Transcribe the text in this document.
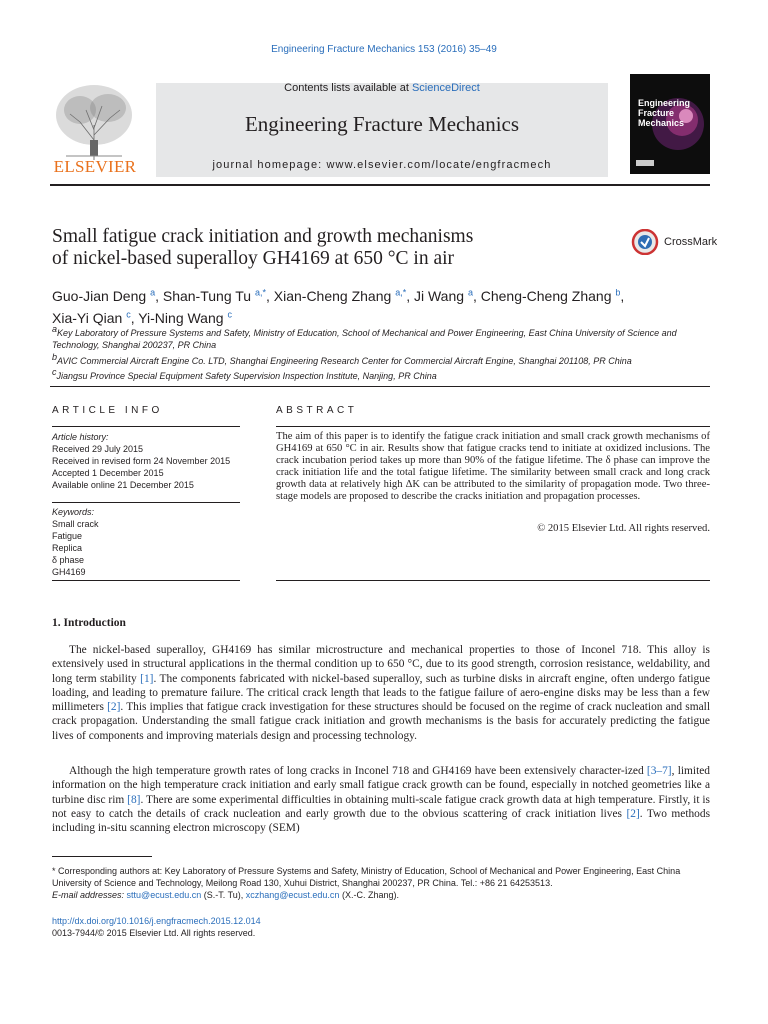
Engineering Fracture Mechanics 153 (2016) 35–49
ELSEVIER
Contents lists available at ScienceDirect
Engineering Fracture Mechanics
journal homepage: www.elsevier.com/locate/engfracmech
Engineering Fracture Mechanics
Small fatigue crack initiation and growth mechanisms
of nickel-based superalloy GH4169 at 650 °C in air
CrossMark
Guo-Jian Deng $^a$, Shan-Tung Tu $^{a,*}$, Xian-Cheng Zhang $^{a,*}$, Ji Wang $^a$, Cheng-Cheng Zhang $^b$,
Xia-Yi Qian $^c$, Yi-Ning Wang $^c$

$^a$Key Laboratory of Pressure Systems and Safety, Ministry of Education, School of Mechanical and Power Engineering, East China University of Science and Technology, Shanghai 200237, PR China

$^b$AVIC Commercial Aircraft Engine Co. LTD, Shanghai Engineering Research Center for Commercial Aircraft Engine, Shanghai 201108, PR China

$^c$Jiangsu Province Special Equipment Safety Supervision Inspection Institute, Nanjing, PR China

ARTICLE INFO	ABSTRACT
Article history:
Received 29 July 2015
Received in revised form 24 November 2015
Accepted 1 December 2015
Available online 21 December 2015
Keywords:
Small crack
Fatigue
Replica
δ phase
GH4169
The aim of this paper is to identify the fatigue crack initiation and small crack growth mechanisms of GH4169 at 650 °C in air. Results show that fatigue cracks tend to initiate at oxidized inclusions. The crack incubation period takes up more than 90% of the fatigue lifetime. The δ phase can improve the crack initiation life and the total fatigue lifetime. The similarity between small crack and long crack growth data at relatively high ΔK can be attributed to the similarity of propagation mode. Two three-stage models are proposed to describe the cracks initiation and propagation processes.
© 2015 Elsevier Ltd. All rights reserved.
1. Introduction

The nickel-based superalloy, GH4169 has similar microstructure and mechanical properties to those of Inconel 718. This alloy is extensively used in structural applications in the thermal condition up to 650 °C, due to its good strength, corrosion resistance, weldability, and long term stability [1]. The components fabricated with nickel-based superalloy, such as turbine disks in aircraft engine, often undergo fatigue loading, and leading to premature failure. The critical crack length that leads to the fatigue failure of aero-engine disks may be less than a few millimeters [2]. This implies that fatigue crack investigation for these structures should be focused on the regime of crack nucleation and small crack propagation. Understanding the small fatigue crack initiation and growth mechanisms is the basis for accurately predicting the fatigue lives of components and improving materials design and processing technology.

Although the high temperature growth rates of long cracks in Inconel 718 and GH4169 have been extensively character-ized [3–7], limited information on the high temperature crack initiation and early small fatigue crack growth can be found, especially in notched geometries like a turbine disc rim [8]. There are some experimental difficulties in obtaining multi-scale fatigue crack growth data at high temperature. Firstly, it is not easy to catch the details of crack nucleation and early growth due to the obvious scattering of crack initiation lives [2]. Two methods including in-situ scanning electron microscopy (SEM)

* Corresponding authors at: Key Laboratory of Pressure Systems and Safety, Ministry of Education, School of Mechanical and Power Engineering, East China University of Science and Technology, Meilong Road 130, Xuhui District, Shanghai 200237, PR China. Tel.: +86 21 64253513.
E-mail addresses: sttu@ecust.edu.cn (S.-T. Tu), xczhang@ecust.edu.cn (X.-C. Zhang).
http://dx.doi.org/10.1016/j.engfracmech.2015.12.014
0013-7944/© 2015 Elsevier Ltd. All rights reserved.
